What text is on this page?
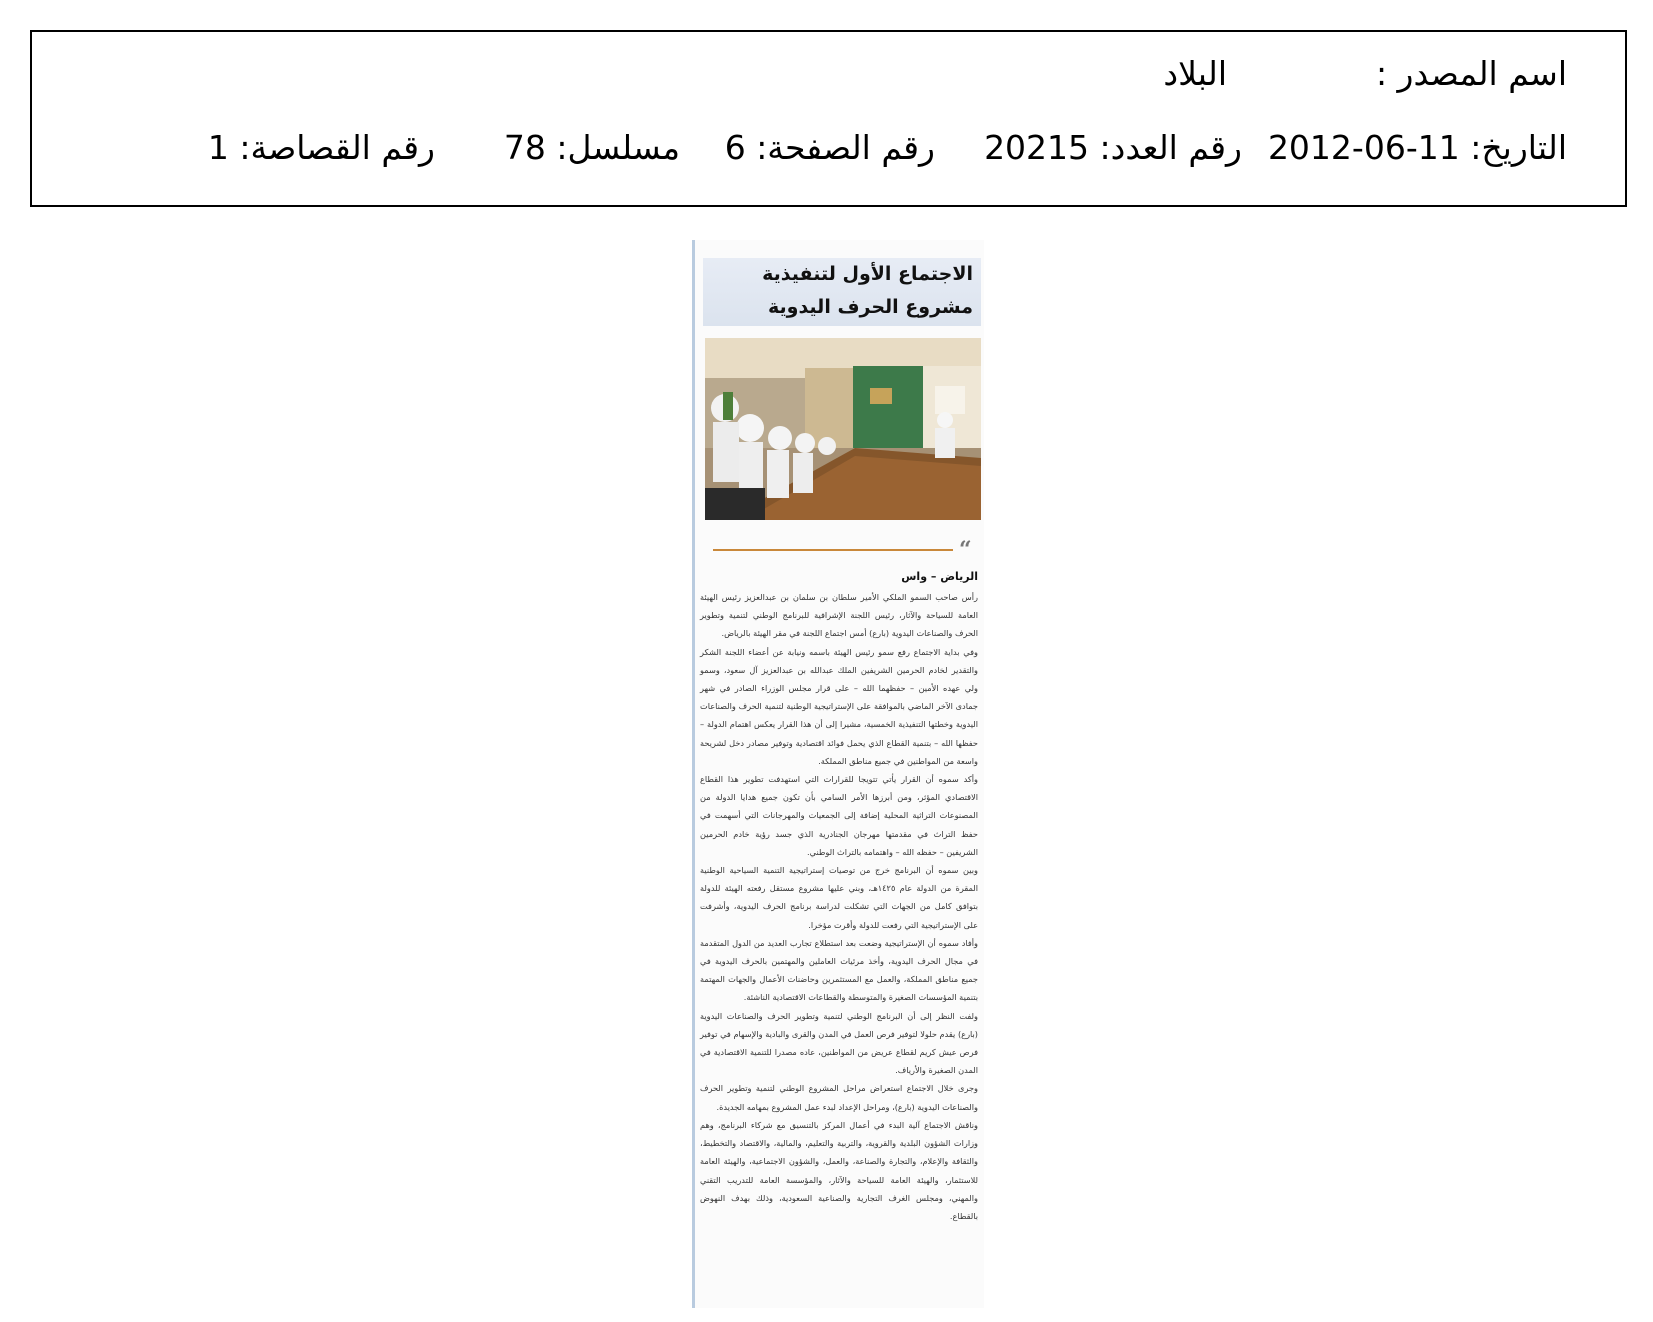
اسم المصدر :
البلاد
التاريخ: 2012-06-11
رقم العدد: 20215
رقم الصفحة: 6
مسلسل: 78
رقم القصاصة: 1
الاجتماع الأول لتنفيذية
مشروع الحرف اليدوية
“
الرياض – واس

رأس صاحب السمو الملكي الأمير سلطان بن سلمان بن عبدالعزيز رئيس الهيئة العامة للسياحة والآثار، رئيس اللجنة الإشرافية للبرنامج الوطني لتنمية وتطوير الحرف والصناعات اليدوية (بارع) أمس اجتماع اللجنة في مقر الهيئة بالرياض.

وفي بداية الاجتماع رفع سمو رئيس الهيئة باسمه ونيابة عن أعضاء اللجنة الشكر والتقدير لخادم الحرمين الشريفين الملك عبدالله بن عبدالعزيز آل سعود، وسمو ولي عهده الأمين – حفظهما الله – على قرار مجلس الوزراء الصادر في شهر جمادى الآخر الماضي بالموافقة على الإستراتيجية الوطنية لتنمية الحرف والصناعات اليدوية وخطتها التنفيذية الخمسية، مشيرا إلى أن هذا القرار يعكس اهتمام الدولة – حفظها الله – بتنمية القطاع الذي يحمل فوائد اقتصادية وتوفير مصادر دخل لشريحة واسعة من المواطنين في جميع مناطق المملكة.

وأكد سموه أن القرار يأتي تتويجا للقرارات التي استهدفت تطوير هذا القطاع الاقتصادي المؤثر، ومن أبرزها الأمر السامي بأن تكون جميع هدايا الدولة من المصنوعات التراثية المحلية إضافة إلى الجمعيات والمهرجانات التي أسهمت في حفظ التراث في مقدمتها مهرجان الجنادرية الذي جسد رؤية خادم الحرمين الشريفين – حفظه الله – واهتمامه بالتراث الوطني.

وبين سموه أن البرنامج خرج من توصيات إستراتيجية التنمية السياحية الوطنية المقرة من الدولة عام ١٤٢٥هـ، وبني عليها مشروع مستقل رفعته الهيئة للدولة بتوافق كامل من الجهات التي تشكلت لدراسة برنامج الحرف اليدوية، وأشرفت على الإستراتيجية التي رفعت للدولة وأقرت مؤخرا.

وأفاد سموه أن الإستراتيجية وضعت بعد استطلاع تجارب العديد من الدول المتقدمة في مجال الحرف اليدوية، وأخذ مرئيات العاملين والمهتمين بالحرف اليدوية في جميع مناطق المملكة، والعمل مع المستثمرين وحاضنات الأعمال والجهات المهتمة بتنمية المؤسسات الصغيرة والمتوسطة والقطاعات الاقتصادية الناشئة.

ولفت النظر إلى أن البرنامج الوطني لتنمية وتطوير الحرف والصناعات اليدوية (بارع) يقدم حلولا لتوفير فرص العمل في المدن والقرى والبادية والإسهام في توفير فرص عيش كريم لقطاع عريض من المواطنين، عاده مصدرا للتنمية الاقتصادية في المدن الصغيرة والأرياف.

وجرى خلال الاجتماع استعراض مراحل المشروع الوطني لتنمية وتطوير الحرف والصناعات اليدوية (بارع)، ومراحل الإعداد لبدء عمل المشروع بمهامه الجديدة.

وناقش الاجتماع آلية البدء في أعمال المركز بالتنسيق مع شركاء البرنامج، وهم وزارات الشؤون البلدية والقروية، والتربية والتعليم، والمالية، والاقتصاد والتخطيط، والثقافة والإعلام، والتجارة والصناعة، والعمل، والشؤون الاجتماعية، والهيئة العامة للاستثمار، والهيئة العامة للسياحة والآثار، والمؤسسة العامة للتدريب التقني والمهني، ومجلس الغرف التجارية والصناعية السعودية، وذلك بهدف النهوض بالقطاع.
